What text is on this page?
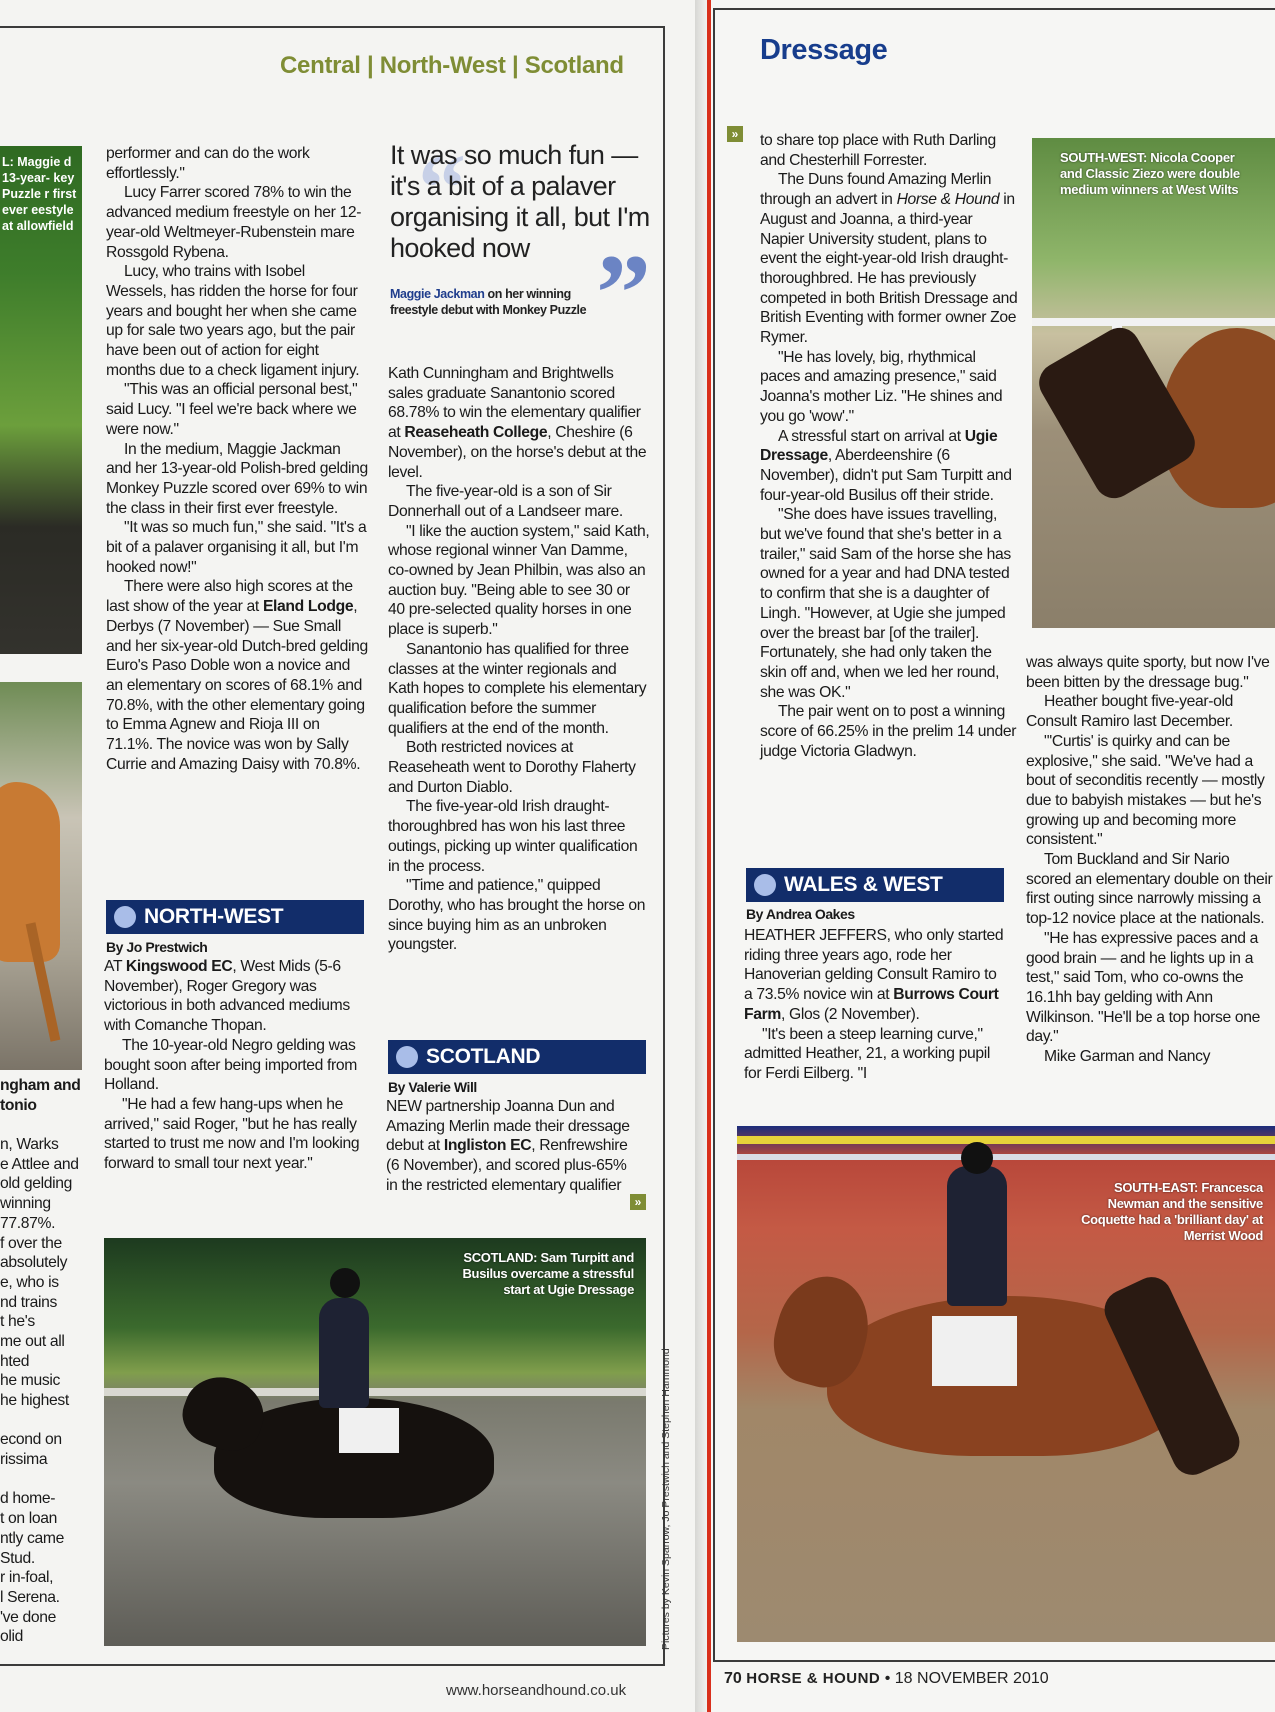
Central | North-West | Scotland	Dressage
L: Maggie d 13-year- key Puzzle r first ever eestyle at allowfield
ngham and
tonio
n, Warks
e Attlee and
old gelding
winning
77.87%.
f over the
absolutely
e, who is
nd trains
t he's
me out all
hted
he music
he highest
econd on
rissima
d home-
t on loan
ntly came
Stud.
r in-foal,
l Serena.
've done
olid

performer and can do the work effortlessly."

Lucy Farrer scored 78% to win the advanced medium freestyle on her 12-year-old Weltmeyer-Rubenstein mare Rossgold Rybena.

Lucy, who trains with Isobel Wessels, has ridden the horse for four years and bought her when she came up for sale two years ago, but the pair have been out of action for eight months due to a check ligament injury.

"This was an official personal best," said Lucy. "I feel we're back where we were now."

In the medium, Maggie Jackman and her 13-year-old Polish-bred gelding Monkey Puzzle scored over 69% to win the class in their first ever freestyle.

"It was so much fun," she said. "It's a bit of a palaver organising it all, but I'm hooked now!"

There were also high scores at the last show of the year at Eland Lodge, Derbys (7 November) — Sue Small and her six-year-old Dutch-bred gelding Euro's Paso Doble won a novice and an elementary on scores of 68.1% and 70.8%, with the other elementary going to Emma Agnew and Rioja III on 71.1%. The novice was won by Sally Currie and Amazing Daisy with 70.8%.

NORTH-WEST
By Jo Prestwich

AT Kingswood EC, West Mids (5-6 November), Roger Gregory was victorious in both advanced mediums with Comanche Thopan.

The 10-year-old Negro gelding was bought soon after being imported from Holland.

"He had a few hang-ups when he arrived," said Roger, "but he has really started to trust me now and I'm looking forward to small tour next year."

“
It was so much fun — it's a bit of a palaver organising it all, but I'm hooked now
Maggie Jackman on her winning freestyle debut with Monkey Puzzle ”

Kath Cunningham and Brightwells sales graduate Sanantonio scored 68.78% to win the elementary qualifier at Reaseheath College, Cheshire (6 November), on the horse's debut at the level.

The five-year-old is a son of Sir Donnerhall out of a Landseer mare.

"I like the auction system," said Kath, whose regional winner Van Damme, co-owned by Jean Philbin, was also an auction buy. "Being able to see 30 or 40 pre-selected quality horses in one place is superb."

Sanantonio has qualified for three classes at the winter regionals and Kath hopes to complete his elementary qualification before the summer qualifiers at the end of the month.

Both restricted novices at Reaseheath went to Dorothy Flaherty and Durton Diablo.

The five-year-old Irish draught-thoroughbred has won his last three outings, picking up winter qualification in the process.

"Time and patience," quipped Dorothy, who has brought the horse on since buying him as an unbroken youngster.

SCOTLAND
By Valerie Will

NEW partnership Joanna Dun and Amazing Merlin made their dressage debut at Ingliston EC, Renfrewshire (6 November), and scored plus-65% in the restricted elementary qualifier

»
SCOTLAND: Sam Turpitt and Busilus overcame a stressful start at Ugie Dressage
» to share top place with Ruth Darling and Chesterhill Forrester.

The Duns found Amazing Merlin through an advert in Horse & Hound in August and Joanna, a third-year Napier University student, plans to event the eight-year-old Irish draught-thoroughbred. He has previously competed in both British Dressage and British Eventing with former owner Zoe Rymer.

"He has lovely, big, rhythmical paces and amazing presence," said Joanna's mother Liz. "He shines and you go 'wow'."

A stressful start on arrival at Ugie Dressage, Aberdeenshire (6 November), didn't put Sam Turpitt and four-year-old Busilus off their stride.

"She does have issues travelling, but we've found that she's better in a trailer," said Sam of the horse she has owned for a year and had DNA tested to confirm that she is a daughter of Lingh. "However, at Ugie she jumped over the breast bar [of the trailer]. Fortunately, she had only taken the skin off and, when we led her round, she was OK."

The pair went on to post a winning score of 66.25% in the prelim 14 under judge Victoria Gladwyn.

WALES & WEST
By Andrea Oakes

HEATHER JEFFERS, who only started riding three years ago, rode her Hanoverian gelding Consult Ramiro to a 73.5% novice win at Burrows Court Farm, Glos (2 November).

"It's been a steep learning curve," admitted Heather, 21, a working pupil for Ferdi Eilberg. "I

SOUTH-WEST: Nicola Cooper and Classic Ziezo were double medium winners at West Wilts

was always quite sporty, but now I've been bitten by the dressage bug."

Heather bought five-year-old Consult Ramiro last December.

"'Curtis' is quirky and can be explosive," she said. "We've had a bout of seconditis recently — mostly due to babyish mistakes — but he's growing up and becoming more consistent."

Tom Buckland and Sir Nario scored an elementary double on their first outing since narrowly missing a top-12 novice place at the nationals.

"He has expressive paces and a good brain — and he lights up in a test," said Tom, who co-owns the 16.1hh bay gelding with Ann Wilkinson. "He'll be a top horse one day."

Mike Garman and Nancy

SOUTH-EAST: Francesca Newman and the sensitive Coquette had a 'brilliant day' at Merrist Wood
Pictures by Kevin Sparrow, Jo Prestwich and Stephen Hammond
www.horseandhound.co.uk
70 HORSE & HOUND • 18 NOVEMBER 2010
